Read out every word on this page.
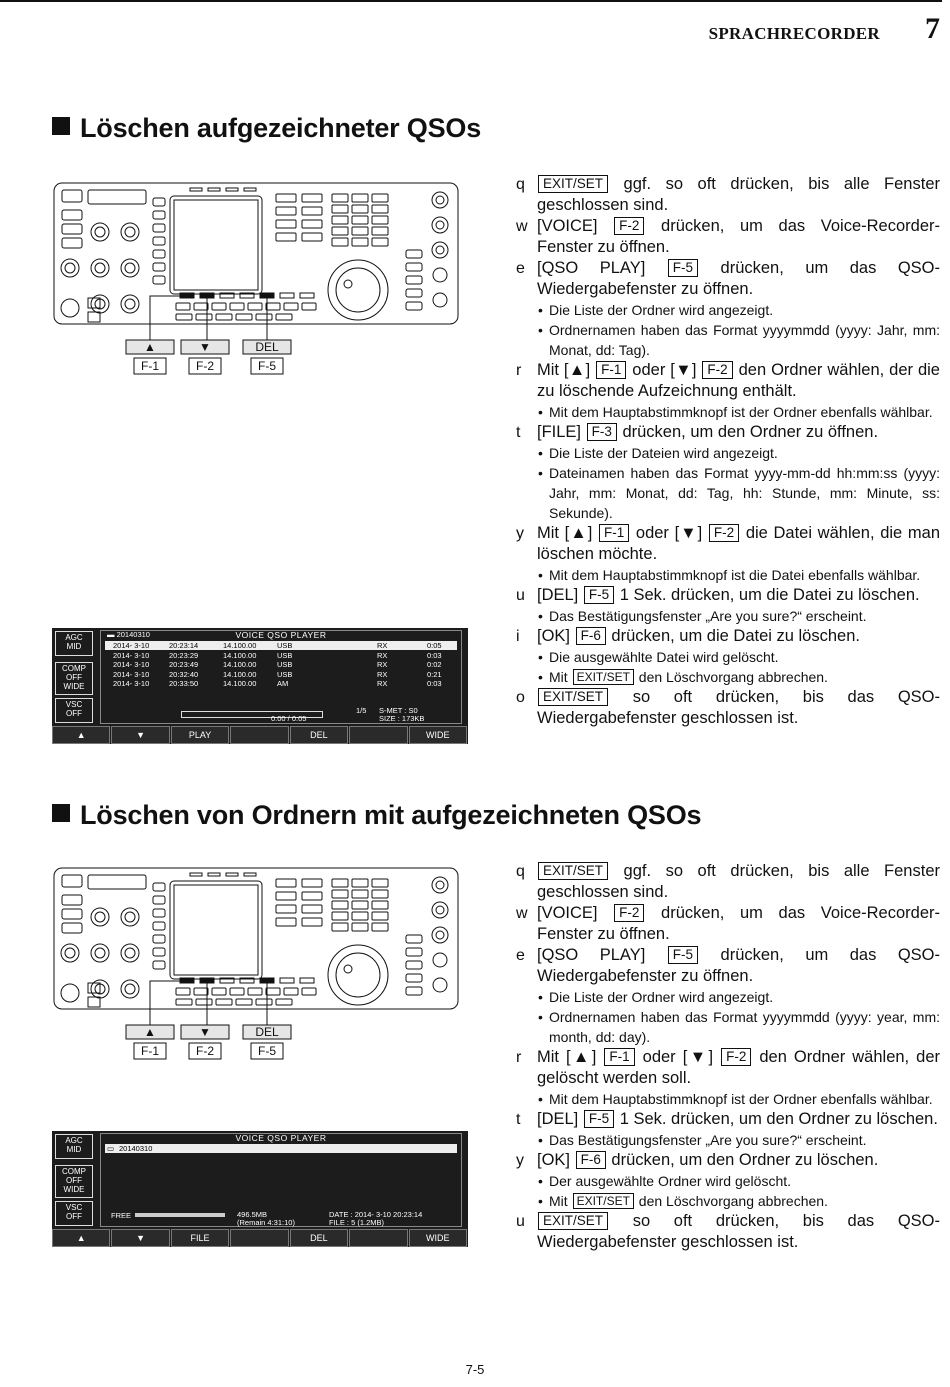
SPRACHRECORDER 7
Löschen aufgezeichneter QSOs
▲
F-1
▼
F-2
DEL
F-5
AGC
MID
COMP
OFF
WIDE
VSC
OFF
VOICE QSO PLAYER
▬ 20140310
2014- 3-10	20:23:14	14.100.00	USB	RX	0:05
2014- 3-10	20:23:29	14.100.00	USB	RX	0:03
2014- 3-10	20:23:49	14.100.00	USB	RX	0:02
2014- 3-10	20:32:40	14.100.00	USB	RX	0:21
2014- 3-10	20:33:50	14.100.00	AM	RX	0:03
0:00 / 0:05
1/5 S-MET : S0
SIZE : 173KB
▲	▼	PLAY	DEL	WIDE
q EXIT/SET ggf. so oft drücken, bis alle Fenster geschlossen sind.
w [VOICE] F-2 drücken, um das Voice-Recorder-Fenster zu öffnen.
e [QSO PLAY] F-5 drücken, um das QSO-Wiedergabefenster zu öffnen.
• Die Liste der Ordner wird angezeigt.
• Ordnernamen haben das Format yyyymmdd (yyyy: Jahr, mm: Monat, dd: Tag).
r Mit [▲] F-1 oder [▼] F-2 den Ordner wählen, der die zu löschende Aufzeichnung enthält.
• Mit dem Hauptabstimmknopf ist der Ordner ebenfalls wählbar.
t [FILE] F-3 drücken, um den Ordner zu öffnen.
• Die Liste der Dateien wird angezeigt.
• Dateinamen haben das Format yyyy-mm-dd hh:mm:ss (yyyy: Jahr, mm: Monat, dd: Tag, hh: Stunde, mm: Minute, ss: Sekunde).
y Mit [▲] F-1 oder [▼] F-2 die Datei wählen, die man löschen möchte.
• Mit dem Hauptabstimmknopf ist die Datei ebenfalls wählbar.
u [DEL] F-5 1 Sek. drücken, um die Datei zu löschen.
• Das Bestätigungsfenster „Are you sure?“ erscheint.
i [OK] F-6 drücken, um die Datei zu löschen.
• Die ausgewählte Datei wird gelöscht.
• Mit EXIT/SET den Löschvorgang abbrechen.
o EXIT/SET so oft drücken, bis das QSO-Wiedergabefenster geschlossen ist.
Löschen von Ordnern mit aufgezeichneten QSOs
▲
F-1
▼
F-2
DEL
F-5
AGC
MID
COMP
OFF
WIDE
VSC
OFF
VOICE QSO PLAYER
▭ 20140310
FREE	496.5MB
(Remain 4:31:10)
DATE : 2014- 3-10 20:23:14
FILE : 5 (1.2MB)
▲	▼	FILE	DEL	WIDE
q EXIT/SET ggf. so oft drücken, bis alle Fenster geschlossen sind.
w [VOICE] F-2 drücken, um das Voice-Recorder-Fenster zu öffnen.
e [QSO PLAY] F-5 drücken, um das QSO-Wiedergabefenster zu öffnen.
• Die Liste der Ordner wird angezeigt.
• Ordnernamen haben das Format yyyymmdd (yyyy: year, mm: month, dd: day).
r Mit [▲] F-1 oder [▼] F-2 den Ordner wählen, der gelöscht werden soll.
• Mit dem Hauptabstimmknopf ist der Ordner ebenfalls wählbar.
t [DEL] F-5 1 Sek. drücken, um den Ordner zu löschen.
• Das Bestätigungsfenster „Are you sure?“ erscheint.
y [OK] F-6 drücken, um den Ordner zu löschen.
• Der ausgewählte Ordner wird gelöscht.
• Mit EXIT/SET den Löschvorgang abbrechen.
u EXIT/SET so oft drücken, bis das QSO-Wiedergabefenster geschlossen ist.
7-5
